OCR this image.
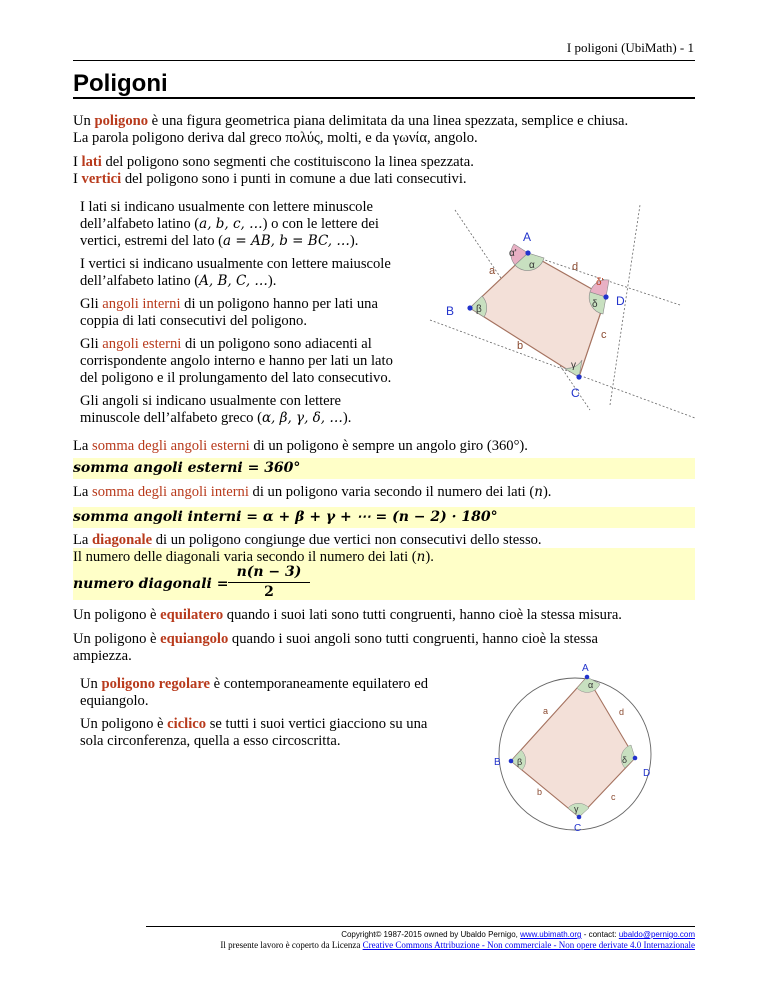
I poligoni (UbiMath) - 1
Poligoni
Un poligono è una figura geometrica piana delimitata da una linea spezzata, semplice e chiusa.
La parola poligono deriva dal greco πολύς, molti, e da γωνία, angolo.
I lati del poligono sono segmenti che costituiscono la linea spezzata.
I vertici del poligono sono i punti in comune a due lati consecutivi.
I lati si indicano usualmente con lettere minuscole
dell’alfabeto latino (a, b, c, …) o con le lettere dei
vertici, estremi del lato (a = AB, b = BC, …).
I vertici si indicano usualmente con lettere maiuscole
dell’alfabeto latino (A, B, C, …).
Gli angoli interni di un poligono hanno per lati una
coppia di lati consecutivi del poligono.
Gli angoli esterni di un poligono sono adiacenti al
corrispondente angolo interno e hanno per lati un lato
del poligono e il prolungamento del lato consecutivo.
Gli angoli si indicano usualmente con lettere
minuscole dell’alfabeto greco (α, β, γ, δ, …).
A
B
C
D
a
b
c
d
α'
α
β
γ
δ
δ'
La somma degli angoli esterni di un poligono è sempre un angolo giro (360°).
somma angoli esterni = 360°
La somma degli angoli interni di un poligono varia secondo il numero dei lati (n).
somma angoli interni = α + β + γ + ⋯ = (n − 2) · 180°
La diagonale di un poligono congiunge due vertici non consecutivi dello stesso.
Il numero delle diagonali varia secondo il numero dei lati (n).
numero diagonali =
n(n − 3)
2
Un poligono è equilatero quando i suoi lati sono tutti congruenti, hanno cioè la stessa misura.
Un poligono è equiangolo quando i suoi angoli sono tutti congruenti, hanno cioè la stessa
ampiezza.
Un poligono regolare è contemporaneamente equilatero ed
equiangolo.
Un poligono è ciclico se tutti i suoi vertici giacciono su una
sola circonferenza, quella a esso circoscritta.
A
B
C
D
a
b	c
d
α
β
γ
δ
Copyright© 1987-2015 owned by Ubaldo Pernigo, www.ubimath.org - contact: ubaldo@pernigo.com
Il presente lavoro è coperto da Licenza Creative Commons Attribuzione - Non commerciale - Non opere derivate 4.0 Internazionale
